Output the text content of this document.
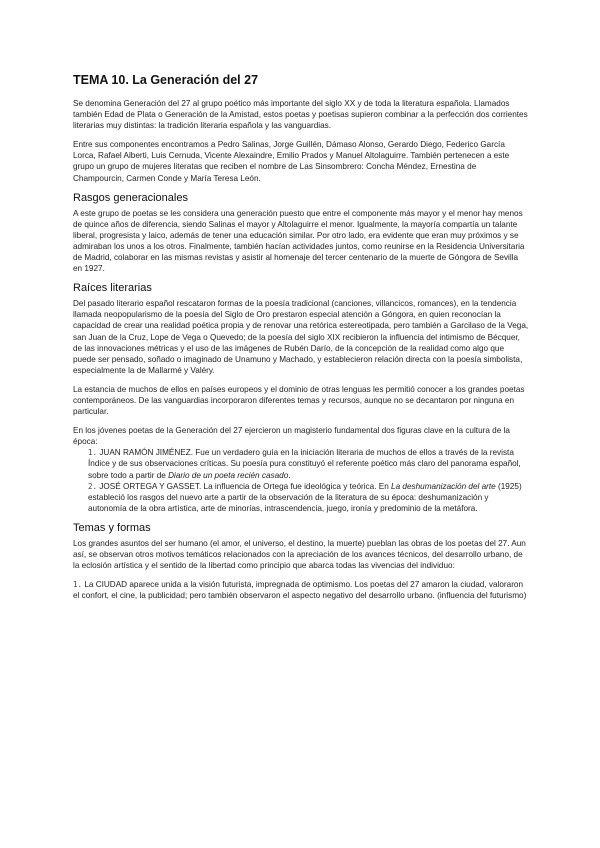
TEMA 10. La Generación del 27

Se denomina Generación del 27 al grupo poético más importante del siglo XX y de toda la literatura española. Llamados también Edad de Plata o Generación de la Amistad, estos poetas y poetisas supieron combinar a la perfección dos corrientes literarias muy distintas: la tradición literaria española y las vanguardias.

Entre sus componentes encontramos a Pedro Salinas, Jorge Guillén, Dámaso Alonso, Gerardo Diego, Federico García Lorca, Rafael Alberti, Luis Cernuda, Vicente Alexaindre, Emilio Prados y Manuel Altolaguirre. También pertenecen a este grupo un grupo de mujeres literatas que reciben el nombre de Las Sinsombrero: Concha Méndez, Ernestina de Champourcin, Carmen Conde y María Teresa León.

Rasgos generacionales

A este grupo de poetas se les considera una generación puesto que entre el componente más mayor y el menor hay menos de quince años de diferencia, siendo Salinas el mayor y Altolaguirre el menor. Igualmente, la mayoría compartía un talante liberal, progresista y laico, además de tener una educación similar. Por otro lado, era evidente que eran muy próximos y se admiraban los unos a los otros. Finalmente, también hacían actividades juntos, como reunirse en la Residencia Universitaria de Madrid, colaborar en las mismas revistas y asistir al homenaje del tercer centenario de la muerte de Góngora de Sevilla en 1927.

Raíces literarias

Del pasado literario español rescataron formas de la poesía tradicional (canciones, villancicos, romances), en la tendencia llamada neopopularismo de la poesía del Siglo de Oro prestaron especial atención a Góngora, en quien reconocían la capacidad de crear una realidad poética propia y de renovar una retórica estereotipada, pero también a Garcilaso de la Vega, san Juan de la Cruz, Lope de Vega o Quevedo; de la poesía del siglo XIX recibieron la influencia del intimismo de Bécquer, de las innovaciones métricas y el uso de las imágenes de Rubén Darío, de la concepción de la realidad como algo que puede ser pensado, soñado o imaginado de Unamuno y Machado, y establecieron relación directa con la poesía simbolista, especialmente la de Mallarmé y Valéry.

La estancia de muchos de ellos en países europeos y el dominio de otras lenguas les permitió conocer a los grandes poetas contemporáneos. De las vanguardias incorporaron diferentes temas y recursos, aunque no se decantaron por ninguna en particular.

En los jóvenes poetas de la Generación del 27 ejercieron un magisterio fundamental dos figuras clave en la cultura de la época:

1. JUAN RAMÓN JIMÉNEZ. Fue un verdadero guía en la iniciación literaria de muchos de ellos a través de la revista Índice y de sus observaciones críticas. Su poesía pura constituyó el referente poético más claro del panorama español, sobre todo a partir de Diario de un poeta recién casado.
2. JOSÉ ORTEGA Y GASSET. La influencia de Ortega fue ideológica y teórica. En La deshumanización del arte (1925) estableció los rasgos del nuevo arte a partir de la observación de la literatura de su época: deshumanización y autonomía de la obra artística, arte de minorías, intrascendencia, juego, ironía y predominio de la metáfora.
Temas y formas

Los grandes asuntos del ser humano (el amor, el universo, el destino, la muerte) pueblan las obras de los poetas del 27. Aun así, se observan otros motivos temáticos relacionados con la apreciación de los avances técnicos, del desarrollo urbano, de la eclosión artística y el sentido de la libertad como principio que abarca todas las vivencias del individuo:

1. La CIUDAD aparece unida a la visión futurista, impregnada de optimismo. Los poetas del 27 amaron la ciudad, valoraron el confort, el cine, la publicidad; pero también observaron el aspecto negativo del desarrollo urbano. (influencia del futurismo)
